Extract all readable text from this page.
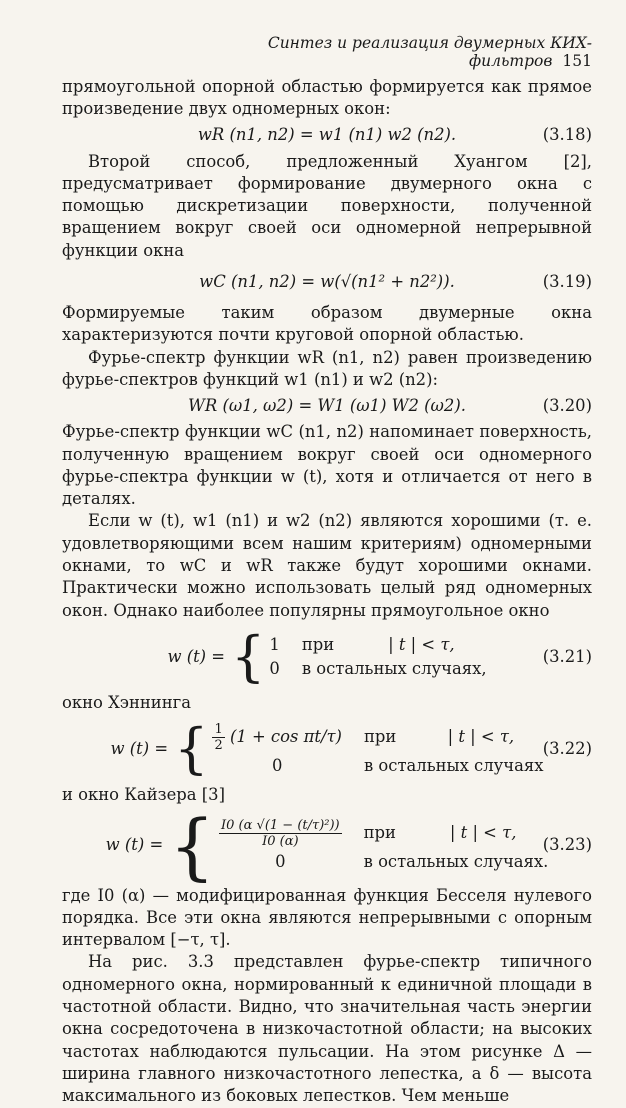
Синтез и реализация двумерных КИХ-фильтров 151

прямоугольной опорной областью формируется как прямое произведение двух одномерных окон:

wR (n1, n2) = w1 (n1) w2 (n2).	(3.18)

Второй способ, предложенный Хуангом [2], предусматривает формирование двумерного окна с помощью дискретизации поверхности, полученной вращением вокруг своей оси одномерной непрерывной функции окна

wC (n1, n2) = w(√(n1² + n2²)).	(3.19)

Формируемые таким образом двумерные окна характеризуются почти круговой опорной областью.

Фурье-спектр функции wR (n1, n2) равен произведению фурье-спектров функций w1 (n1) и w2 (n2):

WR (ω1, ω2) = W1 (ω1) W2 (ω2).	(3.20)

Фурье-спектр функции wC (n1, n2) напоминает поверхность, полученную вращением вокруг своей оси одномерного фурье-спектра функции w (t), хотя и отличается от него в деталях.

Если w (t), w1 (n1) и w2 (n2) являются хорошими (т. е. удовлетворяющими всем нашим критериям) одномерными окнами, то wC и wR также будут хорошими окнами. Практически можно использовать целый ряд одномерных окон. Однако наиболее популярны прямоугольное окно

w (t) = { 1 при	| t | < τ,
0 в остальных случаях,
(3.21)

окно Хэннинга

w (t) = { $\frac{1}{2} (1 + \cos \pi t/\tau)$ при	| t | < τ,
0	в остальных случаях
(3.22)

и окно Кайзера [3]

w (t) = { $\frac{\text{I0 (α √(1 − (t/τ)²))}}{I0 (\alpha)}$ при	| t | < τ,
0	в остальных случаях.
(3.23)

где I0 (α) — модифицированная функция Бесселя нулевого порядка. Все эти окна являются непрерывными с опорным интервалом [−τ, τ].

На рис. 3.3 представлен фурье-спектр типичного одномерного окна, нормированный к единичной площади в частотной области. Видно, что значительная часть энергии окна сосредоточена в низкочастотной области; на высоких частотах наблюдаются пульсации. На этом рисунке Δ — ширина главного низкочастотного лепестка, а δ — высота максимального из боковых лепестков. Чем меньше
